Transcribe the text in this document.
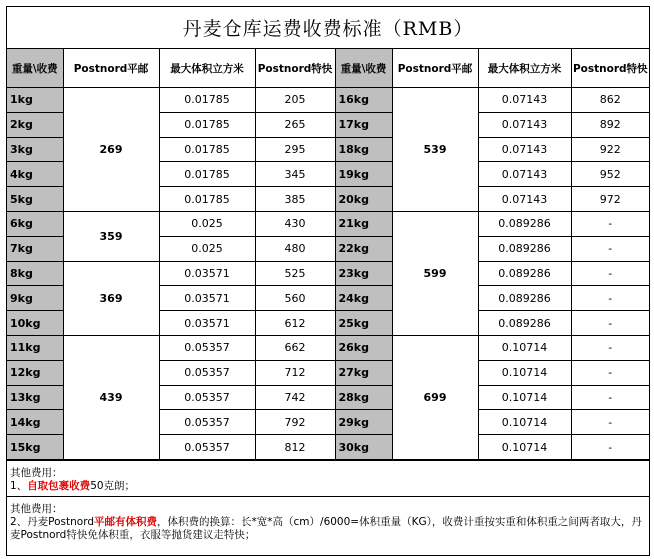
丹麦仓库运费收费标准（RMB）
重量\收费	Postnord平邮	最大体积立方米	Postnord特快	重量\收费	Postnord平邮	最大体积立方米	Postnord特快
1kg	269	0.01785	205	16kg	539	0.07143	862
2kg		0.01785	265	17kg		0.07143	892
3kg		0.01785	295	18kg		0.07143	922
4kg		0.01785	345	19kg		0.07143	952
5kg		0.01785	385	20kg		0.07143	972
6kg	359	0.025	430	21kg	599	0.089286	-
7kg		0.025	480	22kg		0.089286	-
8kg	369	0.03571	525	23kg		0.089286	-
9kg		0.03571	560	24kg		0.089286	-
10kg		0.03571	612	25kg		0.089286	-
11kg	439	0.05357	662	26kg	699	0.10714	-
12kg		0.05357	712	27kg		0.10714	-
13kg		0.05357	742	28kg		0.10714	-
14kg		0.05357	792	29kg		0.10714	-
15kg		0.05357	812	30kg		0.10714	-
其他费用：
1、自取包裹收费50克朗；
其他费用：
2、丹麦Postnord平邮有体积费，体积费的换算：长*宽*高（cm）/6000=体积重量（KG），收费计重按实重和体积重之间两者取大，丹麦Postnord特快免体积重，衣服等抛货建议走特快；
